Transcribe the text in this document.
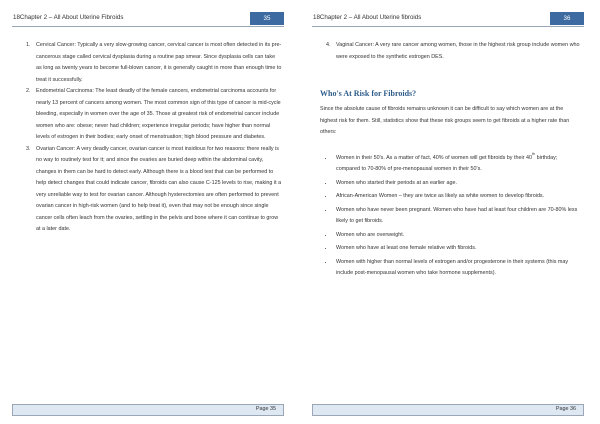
18Chapter 2 – All About Uterine Fibroids	35
1. Cervical Cancer: Typically a very slow-growing cancer, cervical cancer is most often detected in its pre-cancerous stage called cervical dysplasia during a routine pap smear. Since dysplasia cells can take as long as twenty years to become full-blown cancer, it is generally caught in more than enough time to treat it successfully.
2. Endometrial Carcinoma: The least deadly of the female cancers, endometrial carcinoma accounts for nearly 13 percent of cancers among women. The most common sign of this type of cancer is mid-cycle bleeding, especially in women over the age of 35. Those at greatest risk of endometrial cancer include women who are: obese; never had children; experience irregular periods; have higher than normal levels of estrogen in their bodies; early onset of menstruation; high blood pressure and diabetes.
3. Ovarian Cancer: A very deadly cancer, ovarian cancer is most insidious for two reasons: there really is no way to routinely test for it; and since the ovaries are buried deep within the abdominal cavity, changes in them can be hard to detect early. Although there is a blood test that can be performed to help detect changes that could indicate cancer, fibroids can also cause C-125 levels to rise, making it a very unreliable way to test for ovarian cancer. Although hysterectomies are often performed to prevent ovarian cancer in high-risk women (and to help treat it), even that may not be enough since single cancer cells often leach from the ovaries, settling in the pelvis and bone where it can continue to grow at a later date.
Page 35
18Chapter 2 – All About Uterine fibroids	36
4. Vaginal Cancer: A very rare cancer among women, those in the highest risk group include women who were exposed to the synthetic estrogen DES.
Who's At Risk for Fibroids?

Since the absolute cause of fibroids remains unknown it can be difficult to say which women are at the highest risk for them. Still, statistics show that these risk groups seem to get fibroids at a higher rate than others:

• Women in their 50's. As a matter of fact, 40% of women will get fibroids by their 40th birthday; compared to 70-80% of pre-menopausal women in their 50's.
• Women who started their periods at an earlier age.
• African-American Women – they are twice as likely as white women to develop fibroids.
• Women who have never been pregnant. Women who have had at least four children are 70-80% less likely to get fibroids.
• Women who are overweight.
• Women who have at least one female relative with fibroids.
• Women with higher than normal levels of estrogen and/or progesterone in their systems (this may include post-menopausal women who take hormone supplements).
Page 36
